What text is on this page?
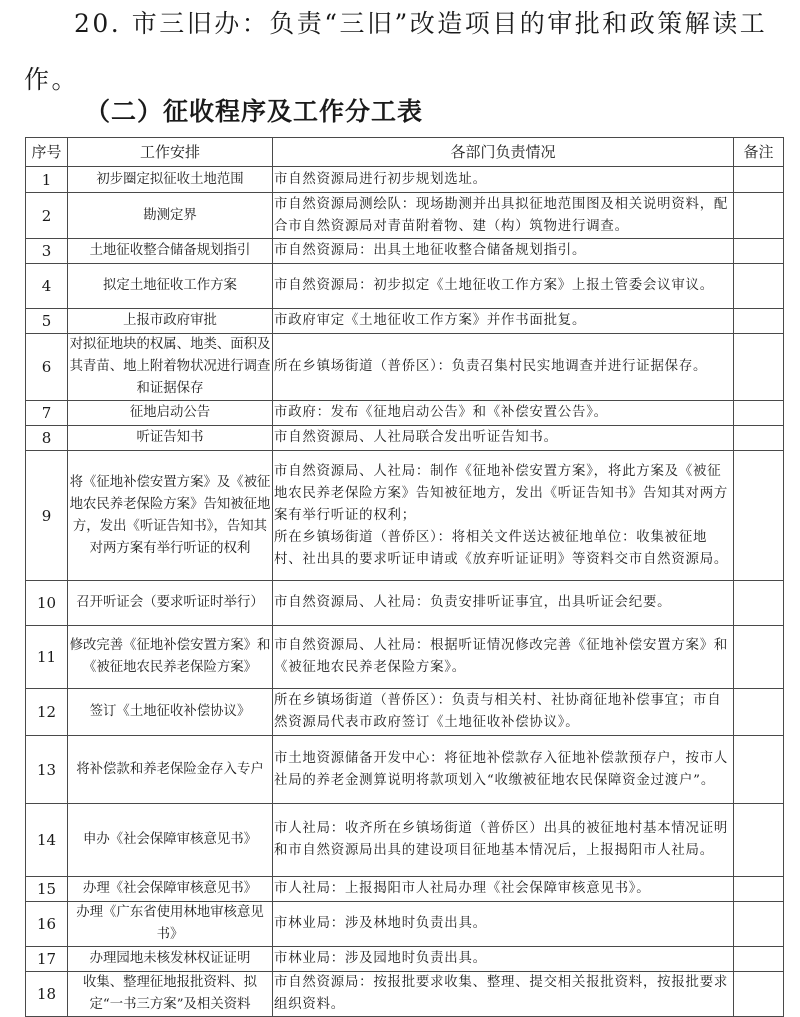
20. 市三旧办：负责“三旧”改造项目的审批和政策解读工
作。
（二）征收程序及工作分工表
序号	工作安排	各部门负责情况	备注
1	初步圈定拟征收土地范围	市自然资源局进行初步规划选址。	
2	勘测定界	市自然资源局测绘队：现场勘测并出具拟征地范围图及相关说明资料，配合市自然资源局对青苗附着物、建（构）筑物进行调查。	
3	土地征收整合储备规划指引	市自然资源局：出具土地征收整合储备规划指引。	
4	拟定土地征收工作方案	市自然资源局：初步拟定《土地征收工作方案》上报土管委会议审议。	
5	上报市政府审批	市政府审定《土地征收工作方案》并作书面批复。	
6	对拟征地块的权属、地类、面积及其青苗、地上附着物状况进行调查和证据保存	所在乡镇场街道（普侨区）：负责召集村民实地调查并进行证据保存。	
7	征地启动公告	市政府：发布《征地启动公告》和《补偿安置公告》。	
8	听证告知书	市自然资源局、人社局联合发出听证告知书。	
9	将《征地补偿安置方案》及《被征地农民养老保险方案》告知被征地方，发出《听证告知书》，告知其对两方案有举行听证的权利	市自然资源局、人社局：制作《征地补偿安置方案》，将此方案及《被征地农民养老保险方案》告知被征地方，发出《听证告知书》告知其对两方案有举行听证的权利；
所在乡镇场街道（普侨区）：将相关文件送达被征地单位：收集被征地村、社出具的要求听证申请或《放弃听证证明》等资料交市自然资源局。	
10	召开听证会（要求听证时举行）	市自然资源局、人社局：负责安排听证事宜，出具听证会纪要。	
11	修改完善《征地补偿安置方案》和《被征地农民养老保险方案》	市自然资源局、人社局：根据听证情况修改完善《征地补偿安置方案》和《被征地农民养老保险方案》。	
12	签订《土地征收补偿协议》	所在乡镇场街道（普侨区）：负责与相关村、社协商征地补偿事宜；市自然资源局代表市政府签订《土地征收补偿协议》。	
13	将补偿款和养老保险金存入专户	市土地资源储备开发中心：将征地补偿款存入征地补偿款预存户，按市人社局的养老金测算说明将款项划入“收缴被征地农民保障资金过渡户”。	
14	申办《社会保障审核意见书》	市人社局：收齐所在乡镇场街道（普侨区）出具的被征地村基本情况证明和市自然资源局出具的建设项目征地基本情况后，上报揭阳市人社局。	
15	办理《社会保障审核意见书》	市人社局：上报揭阳市人社局办理《社会保障审核意见书》。	
16	办理《广东省使用林地审核意见书》	市林业局：涉及林地时负责出具。	
17	办理园地未核发林权证证明	市林业局：涉及园地时负责出具。	
18	收集、整理征地报批资料、拟定“一书三方案”及相关资料	市自然资源局：按报批要求收集、整理、提交相关报批资料，按报批要求组织资料。	
